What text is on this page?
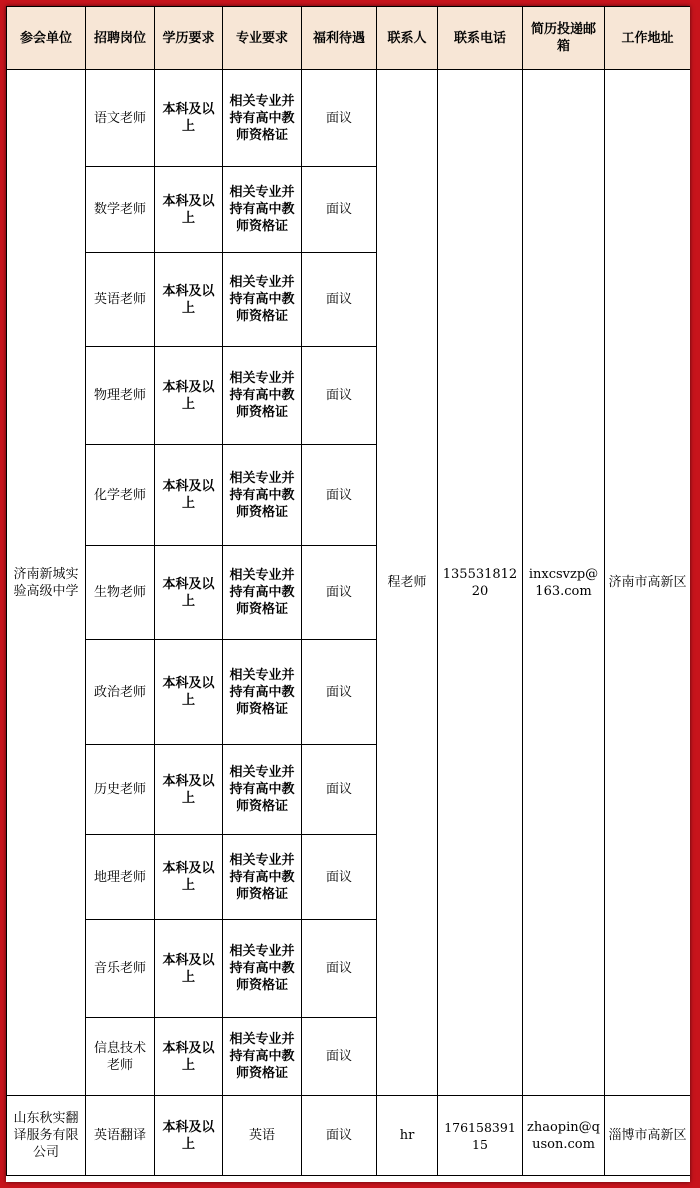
参会单位	招聘岗位	学历要求	专业要求	福利待遇	联系人	联系电话	简历投递邮箱	工作地址
济南新城实验高级中学	语文老师	本科及以上	相关专业并持有高中教师资格证	面议	程老师	13553181220	inxcsvzp@163.com	济南市高新区
	数学老师	本科及以上	相关专业并持有高中教师资格证	面议				
	英语老师	本科及以上	相关专业并持有高中教师资格证	面议				
	物理老师	本科及以上	相关专业并持有高中教师资格证	面议				
	化学老师	本科及以上	相关专业并持有高中教师资格证	面议				
	生物老师	本科及以上	相关专业并持有高中教师资格证	面议				
	政治老师	本科及以上	相关专业并持有高中教师资格证	面议				
	历史老师	本科及以上	相关专业并持有高中教师资格证	面议				
	地理老师	本科及以上	相关专业并持有高中教师资格证	面议				
	音乐老师	本科及以上	相关专业并持有高中教师资格证	面议				
	信息技术老师	本科及以上	相关专业并持有高中教师资格证	面议				
山东秋实翻译服务有限公司	英语翻译	本科及以上	英语	面议	hr	17615839115	zhaopin@quson.com	淄博市高新区
